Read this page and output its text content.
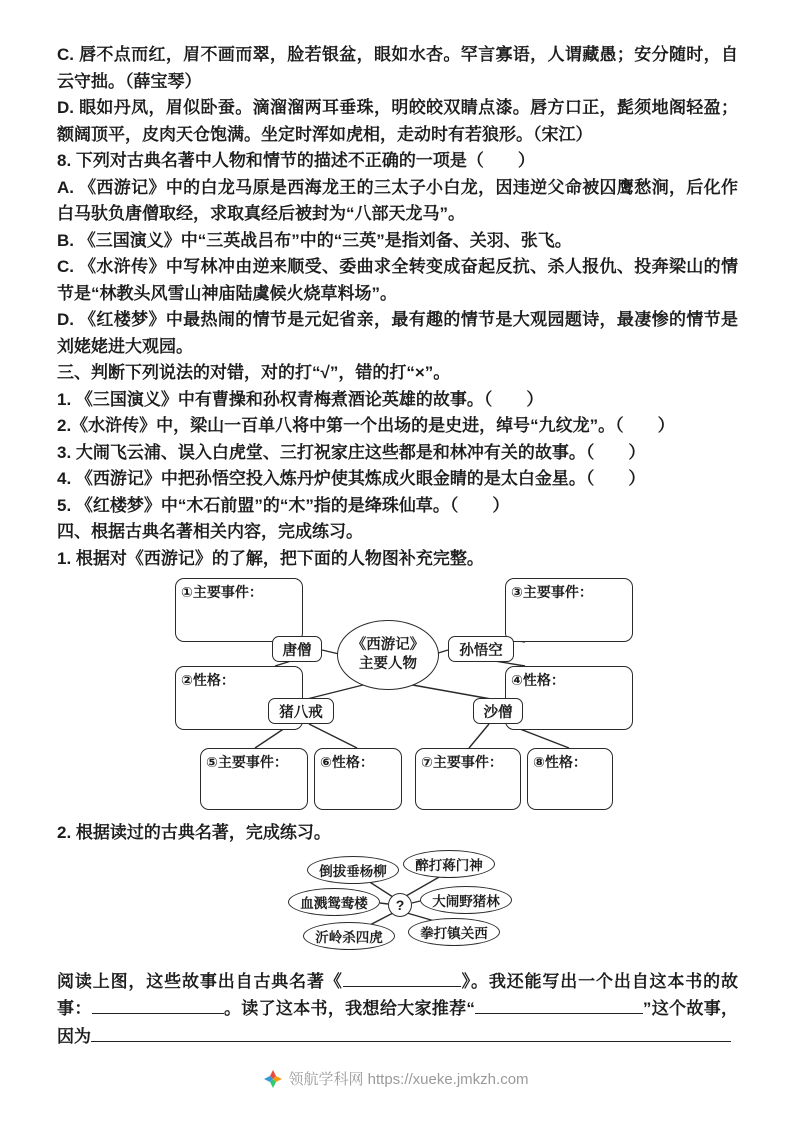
C. 唇不点而红，眉不画而翠，脸若银盆，眼如水杏。罕言寡语，人谓藏愚；安分随时，自云守拙。（薛宝琴）

D. 眼如丹凤，眉似卧蚕。滴溜溜两耳垂珠，明皎皎双睛点漆。唇方口正，髭须地阁轻盈；额阔顶平，皮肉天仓饱满。坐定时浑如虎相，走动时有若狼形。（宋江）

8. 下列对古典名著中人物和情节的描述不正确的一项是（　　）

A. 《西游记》中的白龙马原是西海龙王的三太子小白龙，因违逆父命被囚鹰愁涧，后化作白马驮负唐僧取经，求取真经后被封为“八部天龙马”。

B. 《三国演义》中“三英战吕布”中的“三英”是指刘备、关羽、张飞。

C. 《水浒传》中写林冲由逆来顺受、委曲求全转变成奋起反抗、杀人报仇、投奔梁山的情节是“林教头风雪山神庙陆虞候火烧草料场”。

D. 《红楼梦》中最热闹的情节是元妃省亲，最有趣的情节是大观园题诗，最凄惨的情节是刘姥姥进大观园。

三、判断下列说法的对错，对的打“√”，错的打“×”。

1. 《三国演义》中有曹操和孙权青梅煮酒论英雄的故事。（　　）

2.《水浒传》中，梁山一百单八将中第一个出场的是史进，绰号“九纹龙”。（　　）

3. 大闹飞云浦、误入白虎堂、三打祝家庄这些都是和林冲有关的故事。（　　）

4. 《西游记》中把孙悟空投入炼丹炉使其炼成火眼金睛的是太白金星。（　　）

5. 《红楼梦》中“木石前盟”的“木”指的是绛珠仙草。（　　）

四、根据古典名著相关内容，完成练习。

1. 根据对《西游记》的了解，把下面的人物图补充完整。

①主要事件：
②性格：
③主要事件：
④性格：
⑤主要事件：	⑥性格：	⑦主要事件：	⑧性格：
唐僧	孙悟空
猪八戒	沙僧
《西游记》
主要人物

2. 根据读过的古典名著，完成练习。

倒拔垂杨柳	醉打蒋门神
血溅鸳鸯楼	大闹野猪林
沂岭杀四虎	拳打镇关西
?

阅读上图，这些故事出自古典名著《	》。我还能写出一个出自这本书的故事：	。读了这本书，我想给大家推荐“	”这个故事，因为

领航学科网 https://xueke.jmkzh.com
